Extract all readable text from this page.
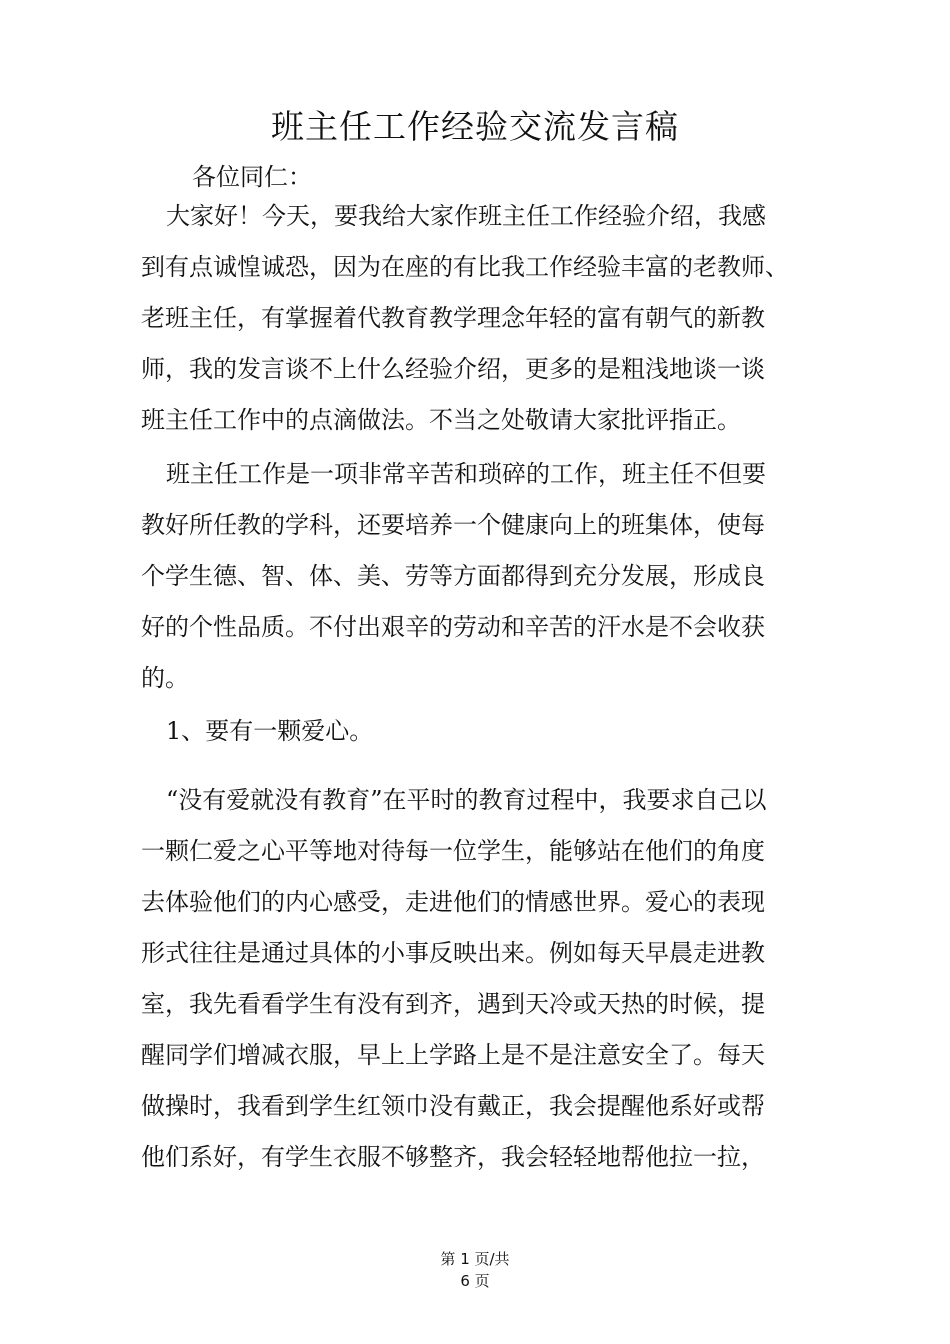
班主任工作经验交流发言稿
各位同仁：
大家好！今天，要我给大家作班主任工作经验介绍，我感
到有点诚惶诚恐，因为在座的有比我工作经验丰富的老教师、
老班主任，有掌握着代教育教学理念年轻的富有朝气的新教
师，我的发言谈不上什么经验介绍，更多的是粗浅地谈一谈
班主任工作中的点滴做法。不当之处敬请大家批评指正。
班主任工作是一项非常辛苦和琐碎的工作，班主任不但要
教好所任教的学科，还要培养一个健康向上的班集体，使每
个学生德、智、体、美、劳等方面都得到充分发展，形成良
好的个性品质。不付出艰辛的劳动和辛苦的汗水是不会收获
的。
1、要有一颗爱心。
“没有爱就没有教育”在平时的教育过程中，我要求自己以
一颗仁爱之心平等地对待每一位学生，能够站在他们的角度
去体验他们的内心感受，走进他们的情感世界。爱心的表现
形式往往是通过具体的小事反映出来。例如每天早晨走进教
室，我先看看学生有没有到齐，遇到天冷或天热的时候，提
醒同学们增减衣服，早上上学路上是不是注意安全了。每天
做操时，我看到学生红领巾没有戴正，我会提醒他系好或帮
他们系好，有学生衣服不够整齐，我会轻轻地帮他拉一拉，
第 1 页/共
6 页
